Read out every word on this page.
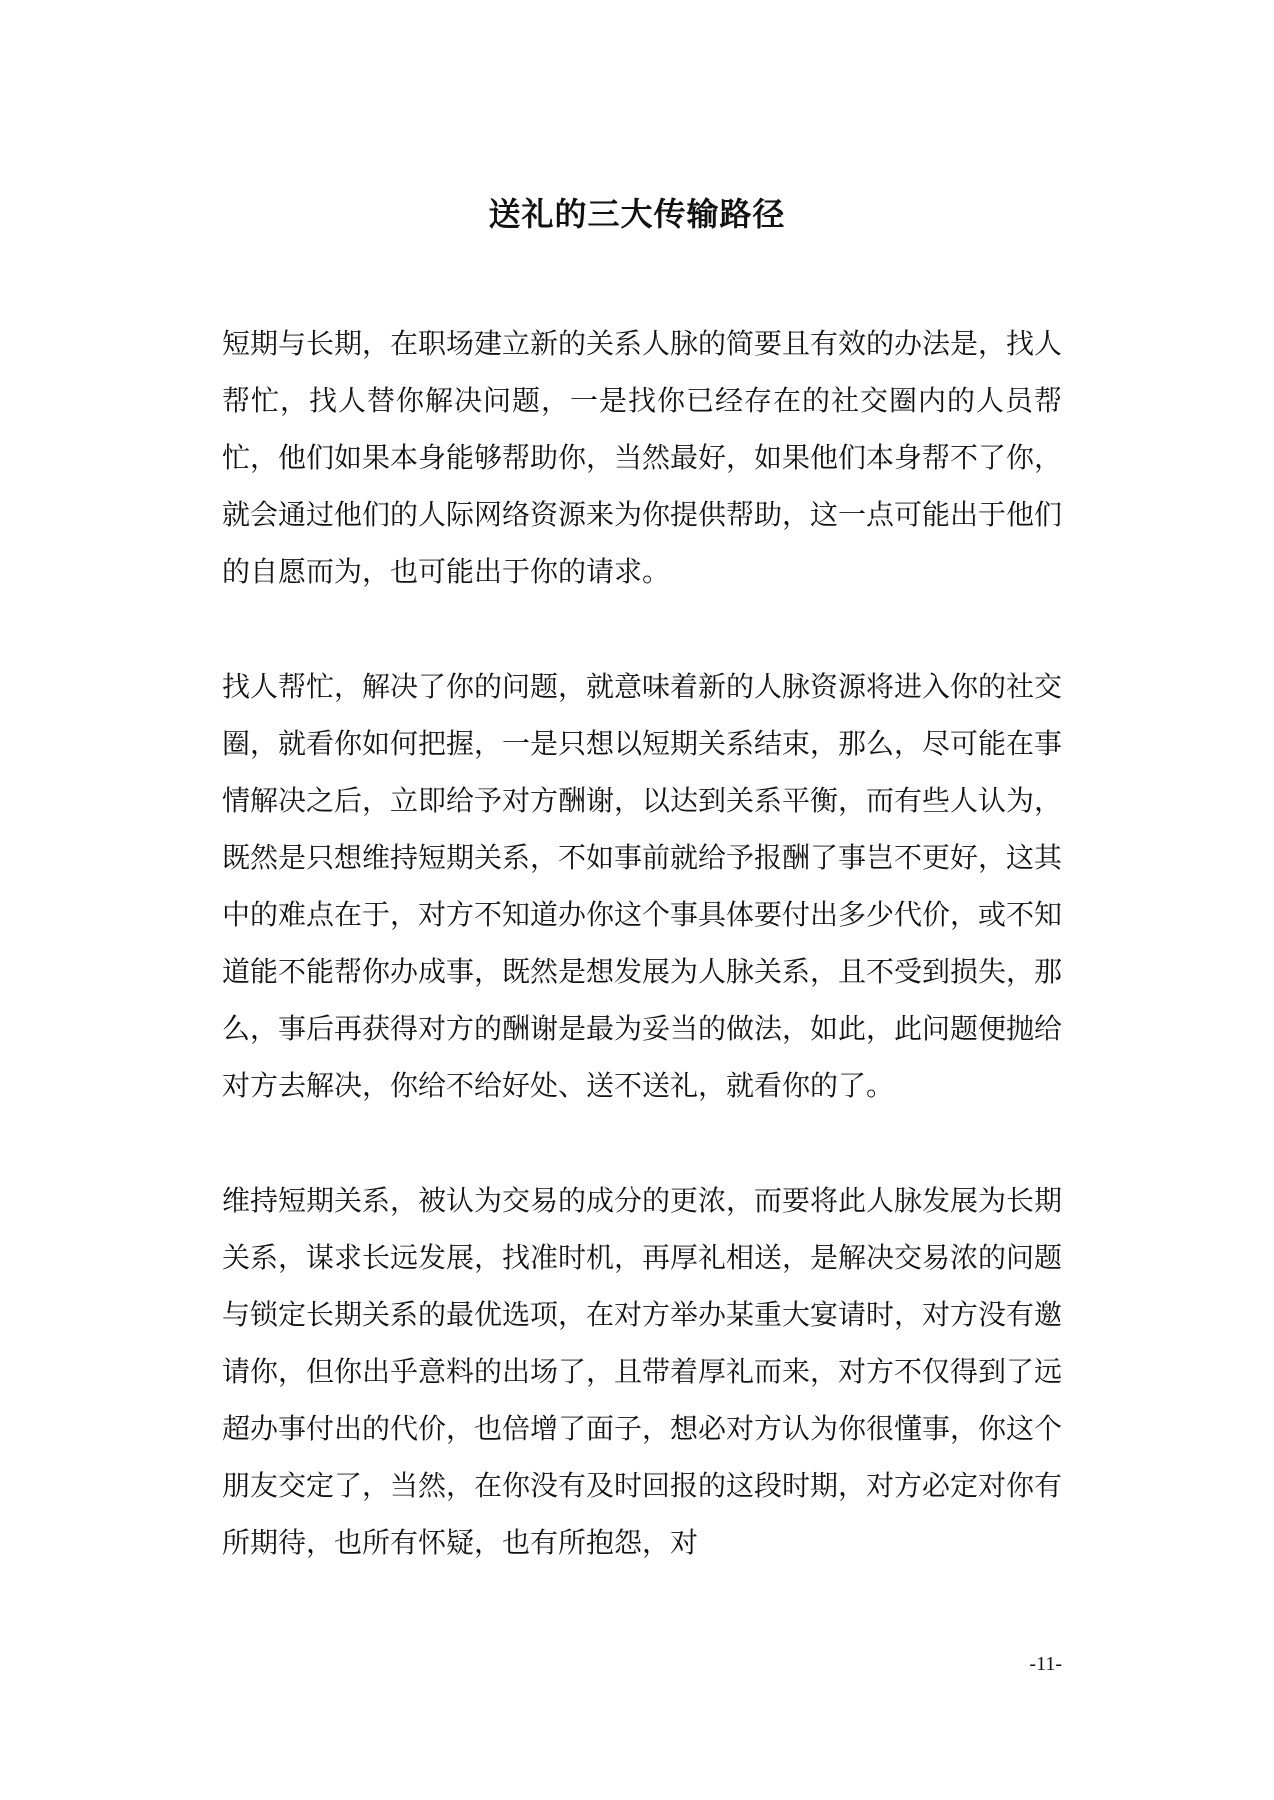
送礼的三大传输路径

短期与长期，在职场建立新的关系人脉的简要且有效的办法是，找人帮忙，找人替你解决问题，一是找你已经存在的社交圈内的人员帮忙，他们如果本身能够帮助你，当然最好，如果他们本身帮不了你，就会通过他们的人际网络资源来为你提供帮助，这一点可能出于他们的自愿而为，也可能出于你的请求。

找人帮忙，解决了你的问题，就意味着新的人脉资源将进入你的社交圈，就看你如何把握，一是只想以短期关系结束，那么，尽可能在事情解决之后，立即给予对方酬谢，以达到关系平衡，而有些人认为，既然是只想维持短期关系，不如事前就给予报酬了事岂不更好，这其中的难点在于，对方不知道办你这个事具体要付出多少代价，或不知道能不能帮你办成事，既然是想发展为人脉关系，且不受到损失，那么，事后再获得对方的酬谢是最为妥当的做法，如此，此问题便抛给对方去解决，你给不给好处、送不送礼，就看你的了。

维持短期关系，被认为交易的成分的更浓，而要将此人脉发展为长期关系，谋求长远发展，找准时机，再厚礼相送，是解决交易浓的问题与锁定长期关系的最优选项，在对方举办某重大宴请时，对方没有邀请你，但你出乎意料的出场了，且带着厚礼而来，对方不仅得到了远超办事付出的代价，也倍增了面子，想必对方认为你很懂事，你这个朋友交定了，当然，在你没有及时回报的这段时期，对方必定对你有所期待，也所有怀疑，也有所抱怨，对

-11-
